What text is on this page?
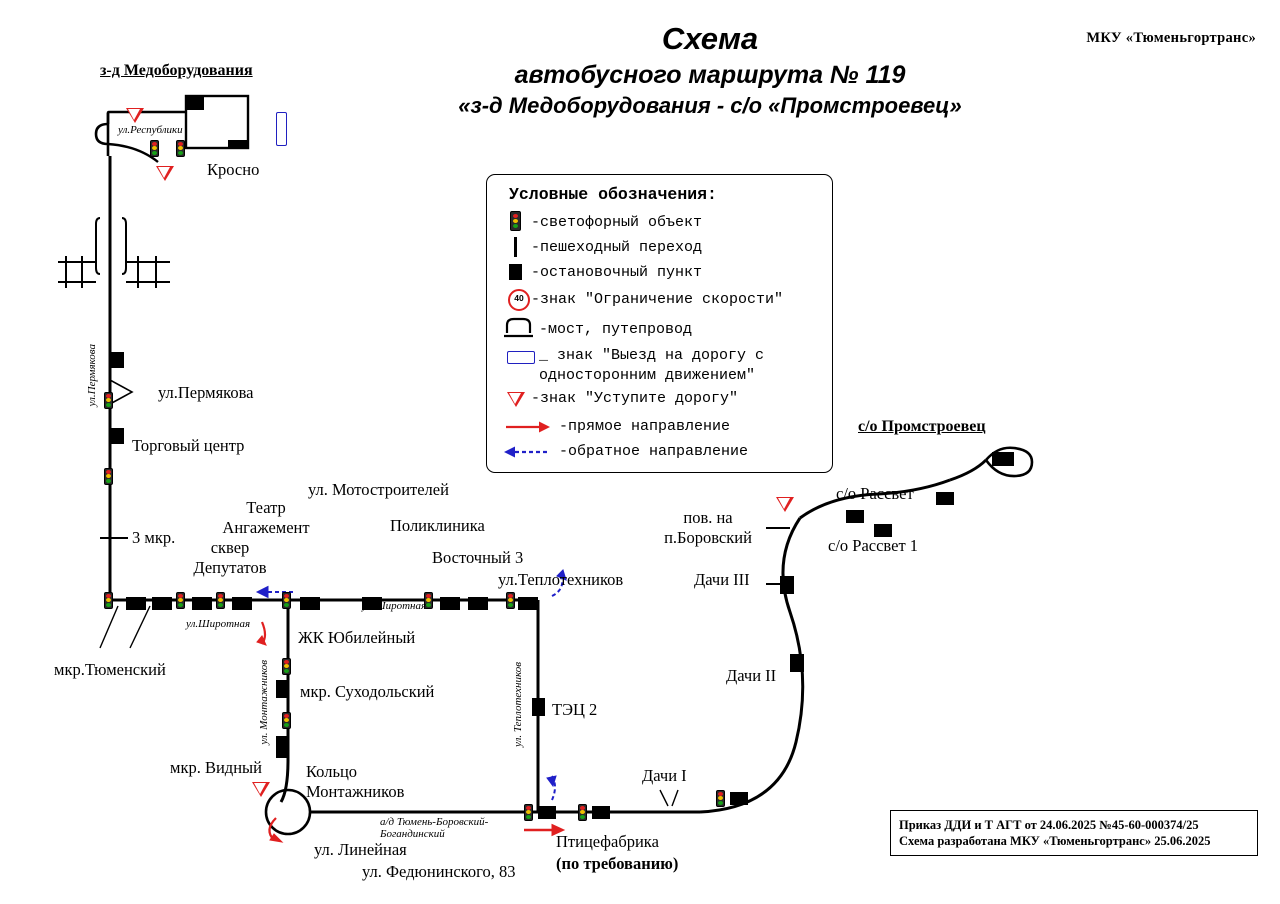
Схема
автобусного маршрута № 119
«з-д Медоборудования - с/о «Промстроевец»
МКУ «Тюменьгортранс»
Условные обозначения:
-светофорный объект
-пешеходный переход
-остановочный пункт
40 -знак "Ограничение скорости"
-мост, путепровод
_ знак "Выезд на дорогу с
односторонним движением"
-знак "Уступите дорогу"
-прямое направление
-обратное направление
з-д Медоборудования
с/о Промстроевец
Кросно
ул.Республики
ул.Пермякова	ул.Пермякова
Торговый центр
3 мкр.
ул.Широтная
ул.Широтная
сквер
Депутатов
Театр
Ангажемент
ул. Мотостроителей
Поликлиника
Восточный 3
ул.Теплотехников
мкр.Тюменский
ЖК Юбилейный
мкр. Суходольский
мкр. Видный
ул. Монтажников
Кольцо
Монтажников
ул. Линейная
ул. Федюнинского, 83
а/д Тюмень-Боровский-
Богандинский
ул. Теплотехников ТЭЦ 2
Птицефабрика
(по требованию)
Дачи I
Дачи II
Дачи III
пов. на
п.Боровский
с/о Рассвет
с/о Рассвет 1
Приказ ДДИ и Т АГТ от 24.06.2025 №45-60-000374/25
Схема разработана МКУ «Тюменьгортранс» 25.06.2025
